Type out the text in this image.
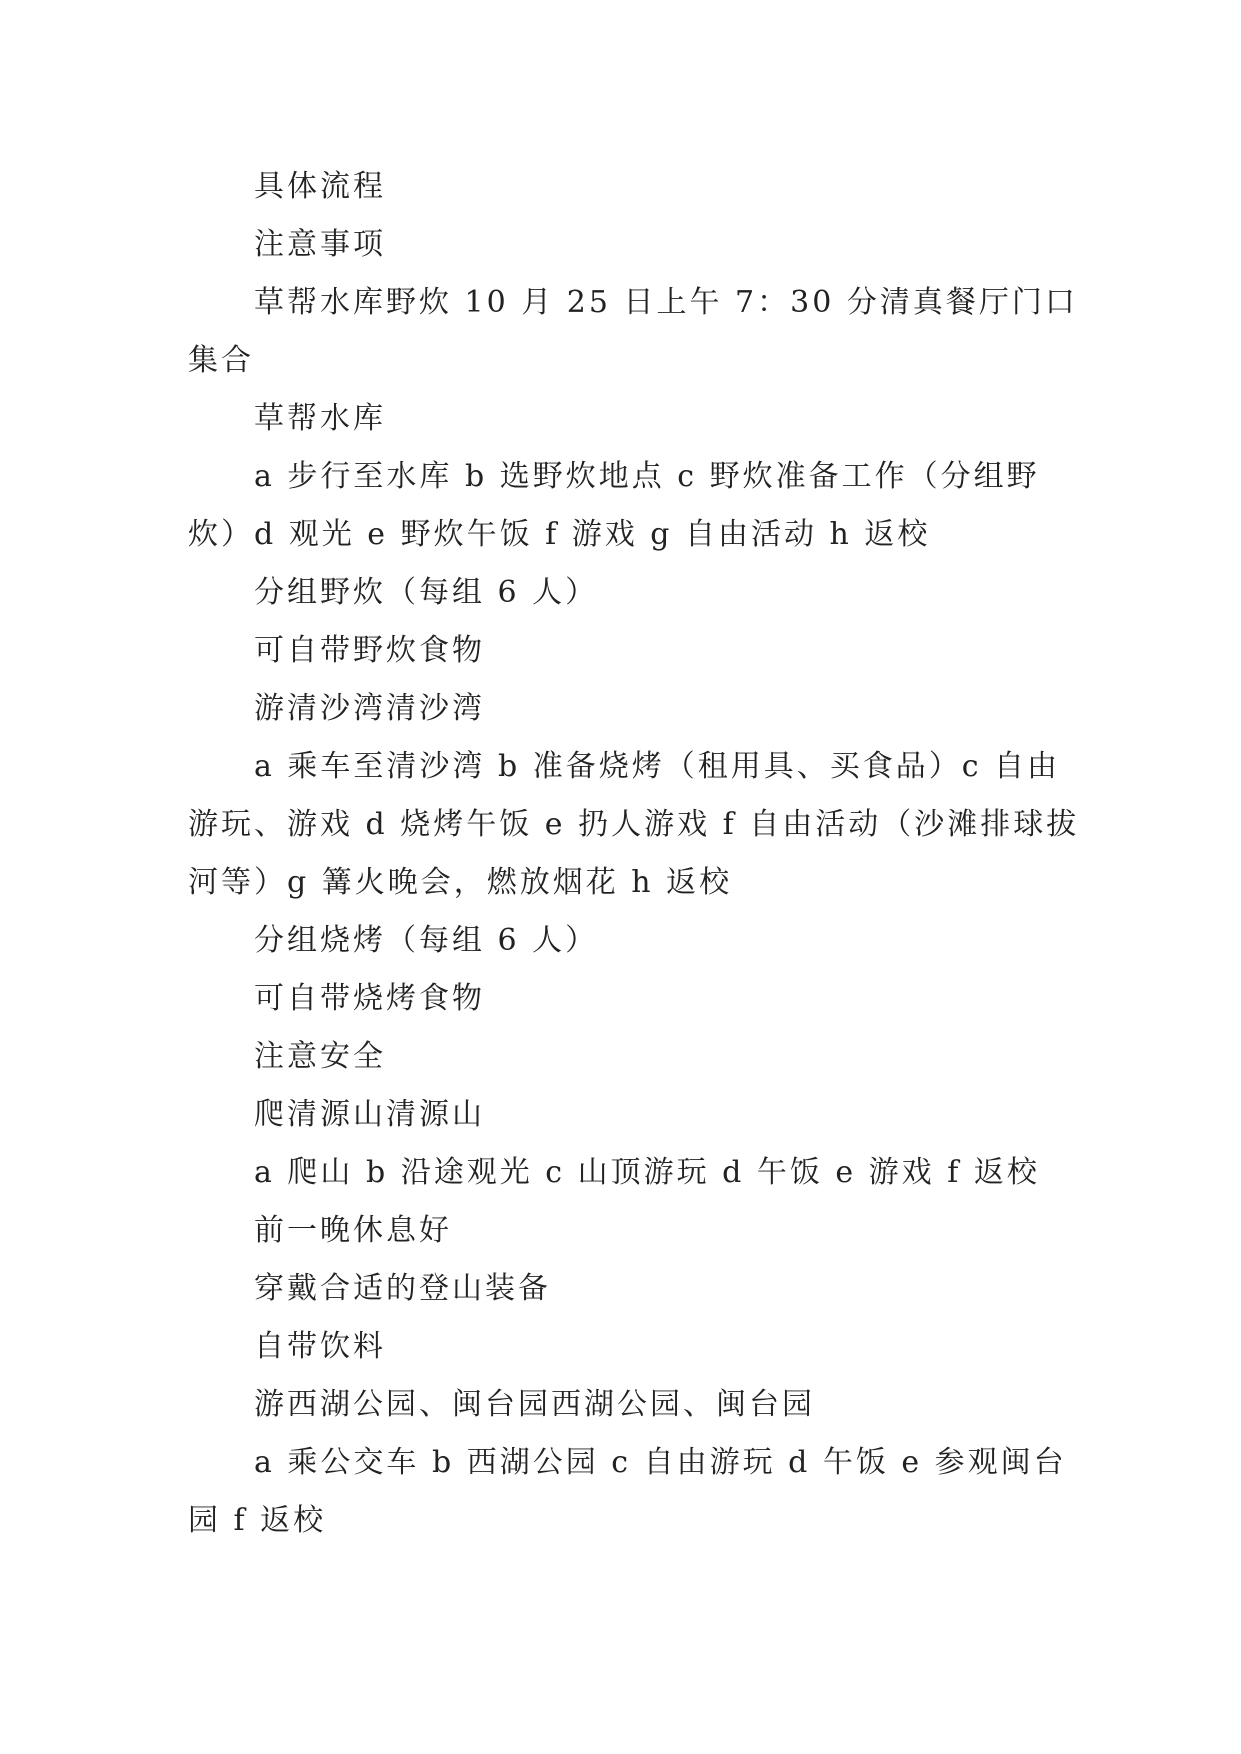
具体流程

注意事项

草帮水库野炊 10 月 25 日上午 7：30 分清真餐厅门口集合

草帮水库

a 步行至水库 b 选野炊地点 c 野炊准备工作（分组野炊）d 观光 e 野炊午饭 f 游戏 g 自由活动 h 返校

分组野炊（每组 6 人）

可自带野炊食物

游清沙湾清沙湾

a 乘车至清沙湾 b 准备烧烤（租用具、买食品）c 自由游玩、游戏 d 烧烤午饭 e 扔人游戏 f 自由活动（沙滩排球拔河等）g 篝火晚会，燃放烟花 h 返校

分组烧烤（每组 6 人）

可自带烧烤食物

注意安全

爬清源山清源山

a 爬山 b 沿途观光 c 山顶游玩 d 午饭 e 游戏 f 返校

前一晚休息好

穿戴合适的登山装备

自带饮料

游西湖公园、闽台园西湖公园、闽台园

a 乘公交车 b 西湖公园 c 自由游玩 d 午饭 e 参观闽台园 f 返校
